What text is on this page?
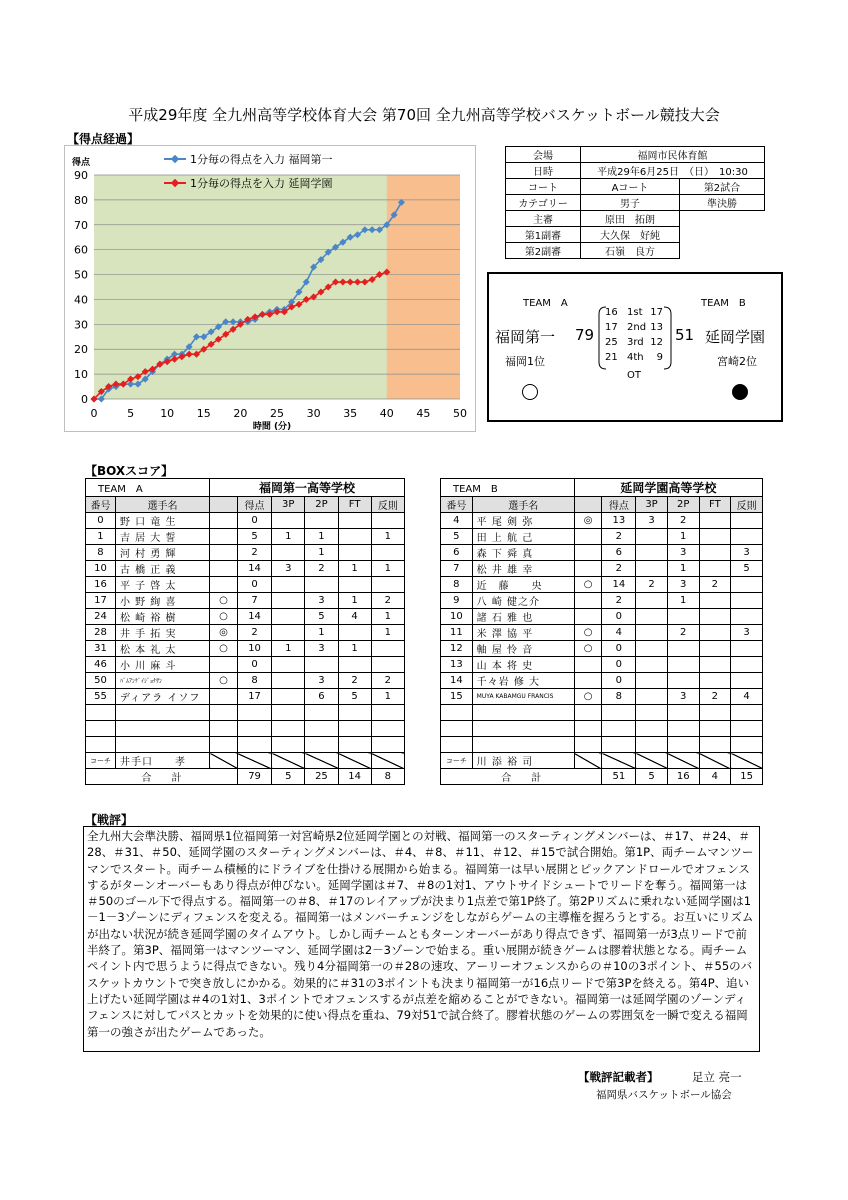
平成29年度 全九州高等学校体育大会 第70回 全九州高等学校バスケットボール競技大会
【得点経過】
0
10
20
30
40
50
60
70
80
90
0	5 10 15 20 25 30 35 40 45 50
得点
時間 (分)
1分毎の得点を入力 福岡第一
1分毎の得点を入力 延岡学園
会場	福岡市民体育館	
日時	平成29年6月25日　（日）　10:30	
コート	Aコート	第2試合
カテゴリー	男子	準決勝
主審	原田　拓朗	
第1副審	大久保　好純	
第2副審	石嶺　良方	
TEAM　A	TEAM　B
福岡第一 79	51 延岡学園
福岡1位	宮崎2位
16 1st 17
17 2nd 13
25 3rd 12
21 4th	9
OT
【BOXスコア】
TEAM　A		福岡第一高等学校					
番号	選手名		得点	3P	2P	FT	反則
0	野 口 竜 生		0				
1	吉 居 大 誓		5	1	1		1
8	河 村 勇 輝		2		1		
10	古 橋 正 義		14	3	2	1	1
16	平 子 啓 太		0				
17	小 野 絢 喜	○	7		3	1	2
24	松 崎 裕 樹	○	14		5	4	1
28	井 手 拓 実	◎	2		1		1
31	松 本 礼 太	○	10	1	3	1	
46	小 川 麻 斗		0				
50	ﾊﾞﾑｱﾝｹﾞｲｼﾞｮﾅｻﾝ	○	8		3	2	2
55	ディアラ イソフ		17		6	5	1

コーチ	井手口　　孝						
合　　計			79	5	25	14	8
TEAM　B		延岡学園高等学校					
番号	選手名		得点	3P	2P	FT	反則
4	平 尾 剣 弥	◎	13	3	2		
5	田 上 航 己		2		1		
6	森 下 舜 真		6		3		3
7	松 井 雄 幸		2		1		5
8	近　藤　　央	○	14	2	3	2	
9	八 崎 健之介		2		1		
10	諸 石 雅 也		0				
11	米 澤 協 平	○	4		2		3
12	軸 屋 怜 音	○	0				
13	山 本 将 史		0				
14	千々岩 修 大		0				
15	MUYA KABAMGU FRANCIS	○	8		3	2	4

コーチ	川 添 裕 司						
合　　計			51	5	16	4	15
【戦評】
全九州大会準決勝、福岡県1位福岡第一対宮崎県2位延岡学園との対戦、福岡第一のスターティングメンバーは、＃17、＃24、＃28、＃31、＃50、延岡学園のスターティングメンバーは、＃4、＃8、＃11、＃12、＃15で試合開始。第1P、両チームマンツーマンでスタート。両チーム積極的にドライブを仕掛ける展開から始まる。福岡第一は早い展開とピックアンドロールでオフェンスするがターンオーバーもあり得点が伸びない。延岡学園は＃7、＃8の1対1、アウトサイドシュートでリードを奪う。福岡第一は＃50のゴール下で得点する。福岡第一の＃8、＃17のレイアップが決まり1点差で第1P終了。第2Pリズムに乗れない延岡学園は1－1－3ゾーンにディフェンスを変える。福岡第一はメンバーチェンジをしながらゲームの主導権を握ろうとする。お互いにリズムが出ない状況が続き延岡学園のタイムアウト。しかし両チームともターンオーバーがあり得点できず、福岡第一が3点リードで前半終了。第3P、福岡第一はマンツーマン、延岡学園は2－3ゾーンで始まる。重い展開が続きゲームは膠着状態となる。両チームペイント内で思うように得点できない。残り4分福岡第一の＃28の速攻、アーリーオフェンスからの＃10の3ポイント、＃55のバスケットカウントで突き放しにかかる。効果的に＃31の3ポイントも決まり福岡第一が16点リードで第3Pを終える。第4P、追い上げたい延岡学園は＃4の1対1、3ポイントでオフェンスするが点差を縮めることができない。福岡第一は延岡学園のゾーンディフェンスに対してパスとカットを効果的に使い得点を重ね、79対51で試合終了。膠着状態のゲームの雰囲気を一瞬で変える福岡第一の強さが出たゲームであった。
【戦評記載者】	足立 亮一
福岡県バスケットボール協会
